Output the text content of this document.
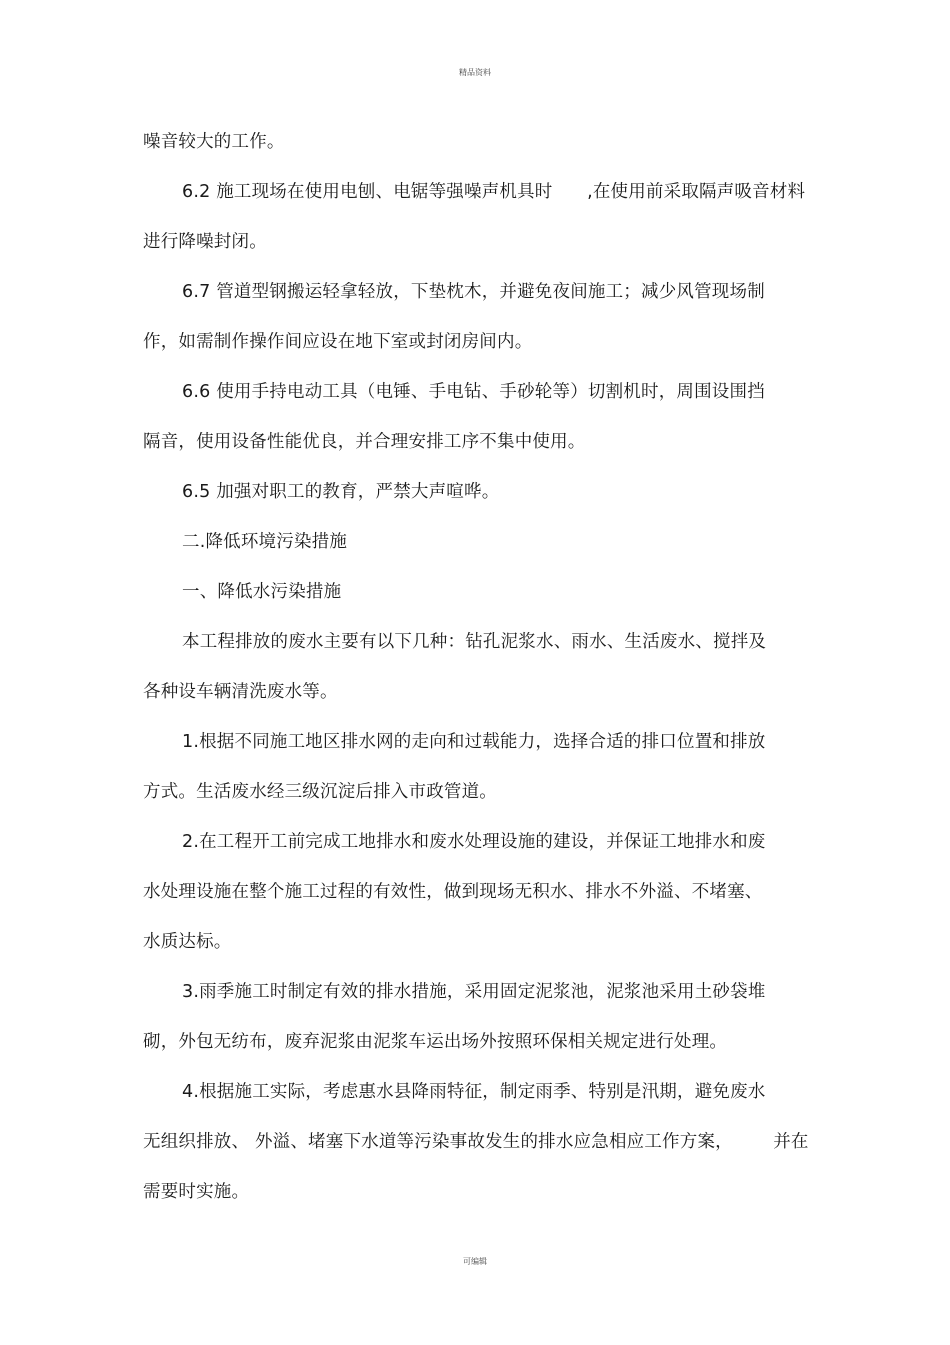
精品资料
噪音较大的工作。
6.2 施工现场在使用电刨、电锯等强噪声机具时      ,在使用前采取隔声吸音材料
进行降噪封闭。
6.7 管道型钢搬运轻拿轻放，下垫枕木，并避免夜间施工；减少风管现场制
作，如需制作操作间应设在地下室或封闭房间内。
6.6 使用手持电动工具（电锤、手电钻、手砂轮等）切割机时，周围设围挡
隔音，使用设备性能优良，并合理安排工序不集中使用。
6.5 加强对职工的教育，严禁大声喧哗。
二.降低环境污染措施
一、降低水污染措施
本工程排放的废水主要有以下几种：钻孔泥浆水、雨水、生活废水、搅拌及
各种设车辆清洗废水等。
1.根据不同施工地区排水网的走向和过载能力，选择合适的排口位置和排放
方式。生活废水经三级沉淀后排入市政管道。
2.在工程开工前完成工地排水和废水处理设施的建设，并保证工地排水和废
水处理设施在整个施工过程的有效性，做到现场无积水、排水不外溢、不堵塞、
水质达标。
3.雨季施工时制定有效的排水措施，采用固定泥浆池，泥浆池采用土砂袋堆
砌，外包无纺布，废弃泥浆由泥浆车运出场外按照环保相关规定进行处理。
4.根据施工实际，考虑惠水县降雨特征，制定雨季、特别是汛期，避免废水
无组织排放、 外溢、堵塞下水道等污染事故发生的排水应急相应工作方案，       并在
需要时实施。
可编辑
